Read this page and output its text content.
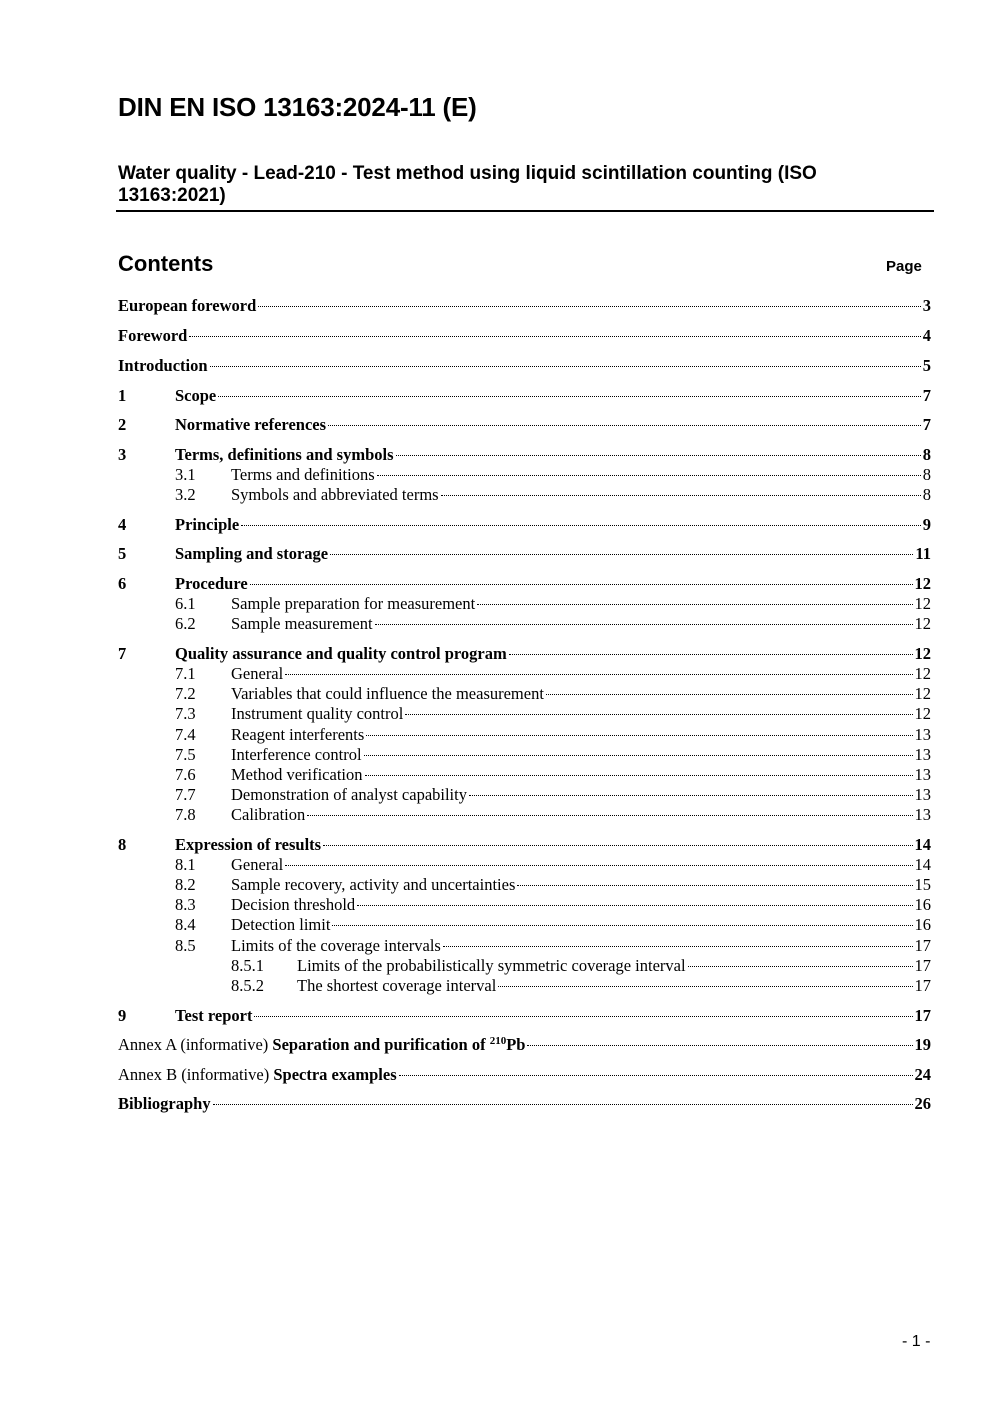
DIN EN ISO 13163:2024-11 (E)
Water quality - Lead-210 - Test method using liquid scintillation counting (ISO 13163:2021)
Contents	Page
European foreword	3
Foreword	4
Introduction	5
1	Scope	7
2	Normative references	7
3	Terms, definitions and symbols	8
3.1	Terms and definitions	8
3.2	Symbols and abbreviated terms	8
4	Principle	9
5	Sampling and storage	11
6	Procedure	12
6.1	Sample preparation for measurement	12
6.2	Sample measurement	12
7	Quality assurance and quality control program	12
7.1	General	12
7.2	Variables that could influence the measurement	12
7.3	Instrument quality control	12
7.4	Reagent interferents	13
7.5	Interference control	13
7.6	Method verification	13
7.7	Demonstration of analyst capability	13
7.8	Calibration	13
8	Expression of results	14
8.1	General	14
8.2	Sample recovery, activity and uncertainties	15
8.3	Decision threshold	16
8.4	Detection limit	16
8.5	Limits of the coverage intervals	17
8.5.1	Limits of the probabilistically symmetric coverage interval	17
8.5.2	The shortest coverage interval	17
9	Test report	17
Annex A (informative) Separation and purification of $^{210}$Pb	19
Annex B (informative) Spectra examples	24
Bibliography	26
- 1 -
